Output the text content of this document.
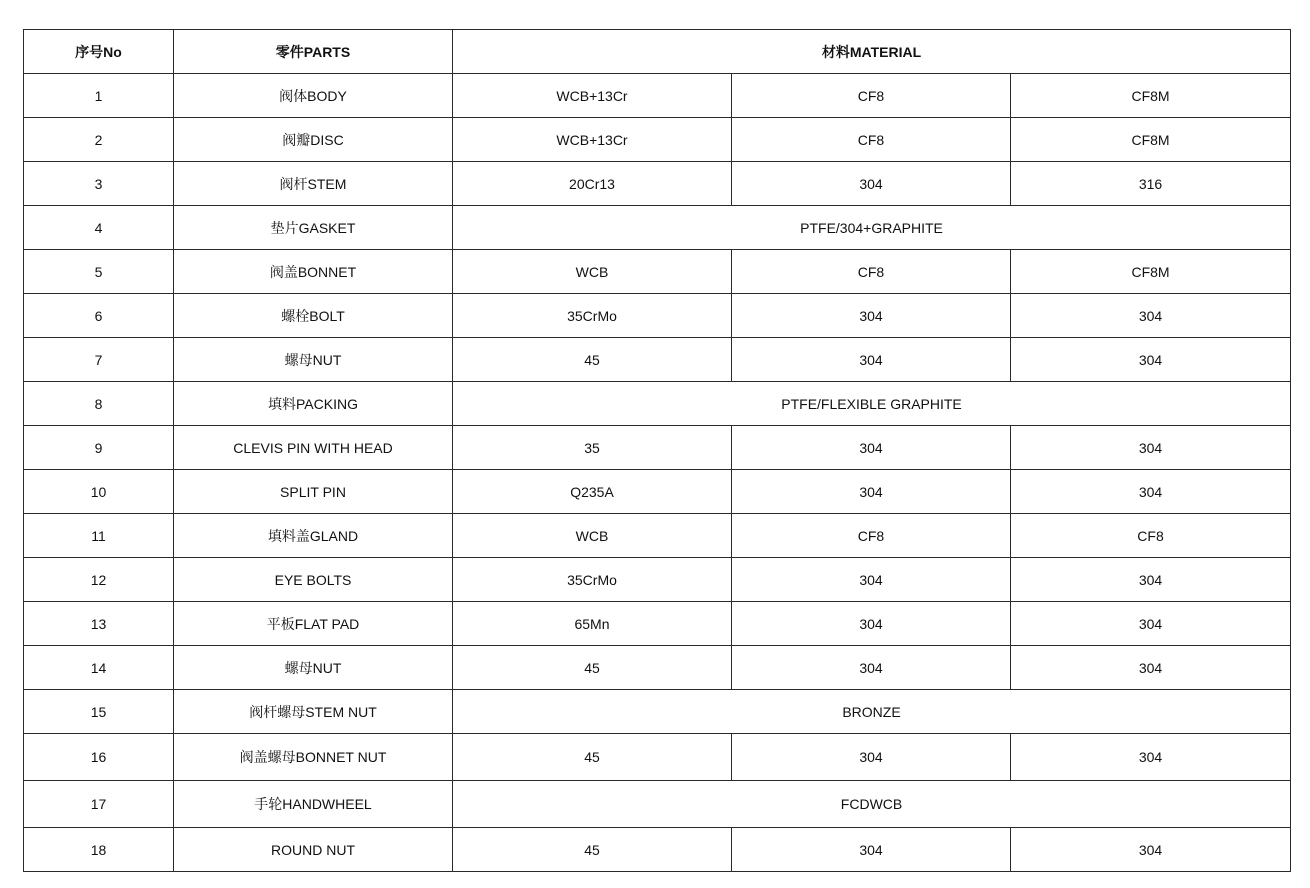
序号No	零件PARTS	材料MATERIAL		
1	阀体BODY	WCB+13Cr	CF8	CF8M
2	阀瓣DISC	WCB+13Cr	CF8	CF8M
3	阀杆STEM	20Cr13	304	316
4	垫片GASKET	PTFE/304+GRAPHITE		
5	阀盖BONNET	WCB	CF8	CF8M
6	螺栓BOLT	35CrMo	304	304
7	螺母NUT	45	304	304
8	填料PACKING	PTFE/FLEXIBLE GRAPHITE		
9	CLEVIS PIN WITH HEAD	35	304	304
10	SPLIT PIN	Q235A	304	304
11	填料盖GLAND	WCB	CF8	CF8
12	EYE BOLTS	35CrMo	304	304
13	平板FLAT PAD	65Mn	304	304
14	螺母NUT	45	304	304
15	阀杆螺母STEM NUT	BRONZE		
16	阀盖螺母BONNET NUT	45	304	304
17	手轮HANDWHEEL	FCDWCB		
18	ROUND NUT	45	304	304
